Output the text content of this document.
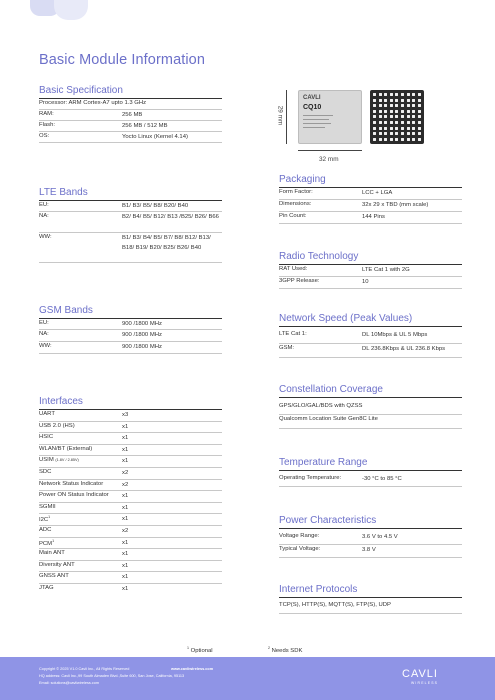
Basic Module Information
Basic Specification
Processor: ARM Cortex-A7 upto 1.3 GHz
RAM:	256 MB
Flash:	256 MB / 512 MB
OS:	Yocto Linux (Kernel 4.14)
29 mm
CAVLI
CQ10
32 mm
Packaging
Form Factor:	LCC + LGA
Dimensions:	32x 29 x TBD (mm scale)
Pin Count:	144 Pins
LTE Bands
EU:	B1/ B3/ B5/ B8/ B20/ B40
NA:	B2/ B4/ B5/ B12/ B13 /B25/ B26/ B66
WW:	B1/ B3/ B4/ B5/ B7/ B8/ B12/ B13/ B18/ B19/ B20/ B25/ B26/ B40
Radio Technology
RAT Used:	LTE Cat 1 with 2G
3GPP Release:	10
GSM Bands
EU:	900 /1800 MHz
NA:	900 /1800 MHz
WW:	900 /1800 MHz
Network Speed (Peak Values)
LTE Cat 1:	DL 10Mbps & UL 5 Mbps
GSM:	DL 236.8Kbps & UL 236.8 Kbps
Constellation Coverage
GPS/GLO/GAL/BDS with QZSS
Qualcomm Location Suite Gen8C Lite
Interfaces
UART	x3
USB 2.0 (HS)	x1
HSIC	x1
WLAN/BT (External)	x1
USIM (1.8V / 2.85V)	x1
SDC	x2
Network Status Indicator	x2
Power ON Status Indicator x1
SGMII	x1
$I2C^1$	x1
ADC	x2
PCM$^1$	x1
Main ANT	x1
Diversity ANT	x1
GNSS ANT	x1
JTAG	x1
Temperature Range
Operating Temperature:	-30 °C to 85 °C
Power Characteristics
Voltage Range:	3.6 V to 4.5 V
Typical Voltage:	3.8 V
Internet Protocols
TCP(S), HTTP(S), MQTT(S), FTP(S), UDP
$^1$ Optional	$^2$ Needs SDK
Copyright © 2025 V1.0 Cavli Inc., All Rights Reserved	www.cavliwireless.com
HQ address: Cavli Inc.,99 South Almaden Blvd.,Suite 600, San Jose, California, 95113
Email: solutions@cavliwireless.com
CAVLI
WIRELESS
